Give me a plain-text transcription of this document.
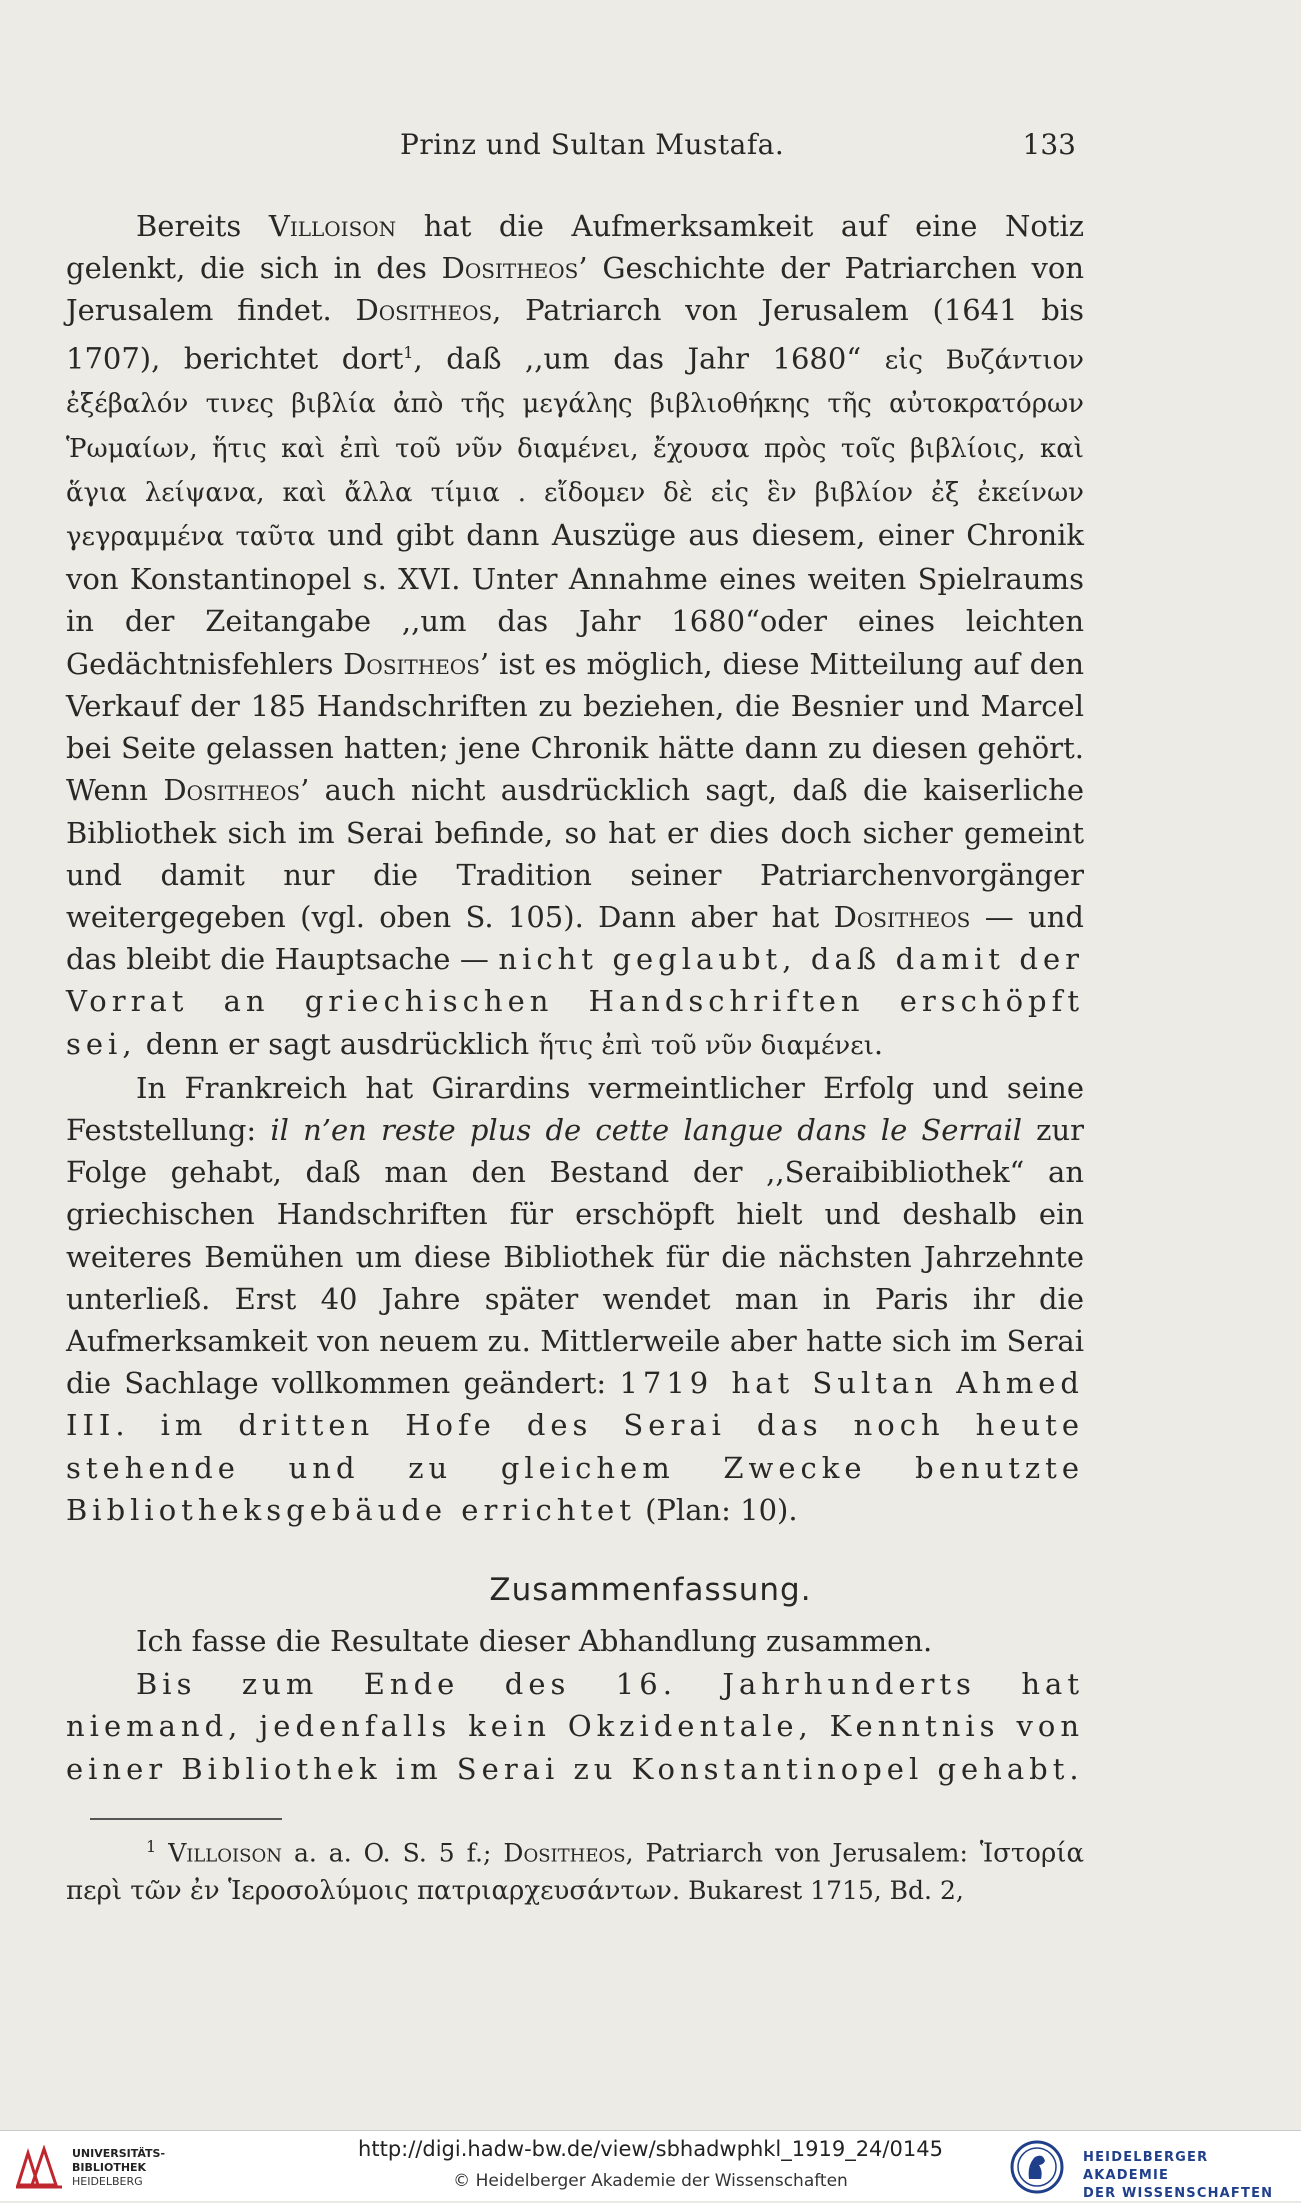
Prinz und Sultan Mustafa.	133

Bereits Villoison hat die Aufmerksamkeit auf eine Notiz gelenkt, die sich in des Dositheos’ Geschichte der Patriarchen von Jerusalem findet. Dositheos, Patriarch von Jerusalem (1641 bis 1707), berichtet dort$^1$, daß ,,um das Jahr 1680“ εἰς Βυζάντιον ἐξέβαλόν τινες βιβλία ἀπὸ τῆς μεγάλης βιβλιοθήκης τῆς αὐτοκρατόρων Ῥωμαίων, ἥτις καὶ ἐπὶ τοῦ νῦν διαμένει, ἔχουσα πρὸς τοῖς βιβλίοις, καὶ ἅγια λείψανα, καὶ ἄλλα τίμια . εἴδομεν δὲ εἰς ἓν βιβλίον ἐξ ἐκείνων γεγραμμένα ταῦτα und gibt dann Auszüge aus diesem, einer Chronik von Konstantinopel s. XVI. Unter Annahme eines weiten Spielraums in der Zeitangabe ,,um das Jahr 1680“oder eines leichten Gedächtnisfehlers Dositheos’ ist es möglich, diese Mitteilung auf den Verkauf der 185 Handschriften zu beziehen, die Besnier und Marcel bei Seite gelassen hatten; jene Chronik hätte dann zu diesen gehört. Wenn Dositheos’ auch nicht ausdrücklich sagt, daß die kaiserliche Bibliothek sich im Serai befinde, so hat er dies doch sicher gemeint und damit nur die Tradition seiner Patriarchenvorgänger weitergegeben (vgl. oben S. 105). Dann aber hat Dositheos — und das bleibt die Hauptsache — nicht geglaubt, daß damit der Vorrat an griechischen Handschriften erschöpft sei, denn er sagt ausdrücklich ἥτις ἐπὶ τοῦ νῦν διαμένει.

In Frankreich hat Girardins vermeintlicher Erfolg und seine Feststellung: il n’en reste plus de cette langue dans le Serrail zur Folge gehabt, daß man den Bestand der ,,Seraibibliothek“ an griechischen Handschriften für erschöpft hielt und deshalb ein weiteres Bemühen um diese Bibliothek für die nächsten Jahrzehnte unterließ. Erst 40 Jahre später wendet man in Paris ihr die Aufmerksamkeit von neuem zu. Mittlerweile aber hatte sich im Serai die Sachlage vollkommen geändert: 1719 hat Sultan Ahmed III. im dritten Hofe des Serai das noch heute stehende und zu gleichem Zwecke benutzte Bibliotheksgebäude errichtet (Plan: 10).

Zusammenfassung.

Ich fasse die Resultate dieser Abhandlung zusammen.

Bis zum Ende des 16. Jahrhunderts hat niemand, jedenfalls kein Okzidentale, Kenntnis von einer Bibliothek im Serai zu Konstantinopel gehabt.

$^1$ Villoison a. a. O. S. 5 f.; Dositheos, Patriarch von Jerusalem: Ἱστορία περὶ τῶν ἐν Ἱεροσολύμοις πατριαρχευσάντων. Bukarest 1715, Bd. 2,

UNIVERSITÄTS-
BIBLIOTHEK
HEIDELBERG
http://digi.hadw-bw.de/view/sbhadwphkl_1919_24/0145
© Heidelberger Akademie der Wissenschaften
HEIDELBERGER AKADEMIE
DER WISSENSCHAFTEN
